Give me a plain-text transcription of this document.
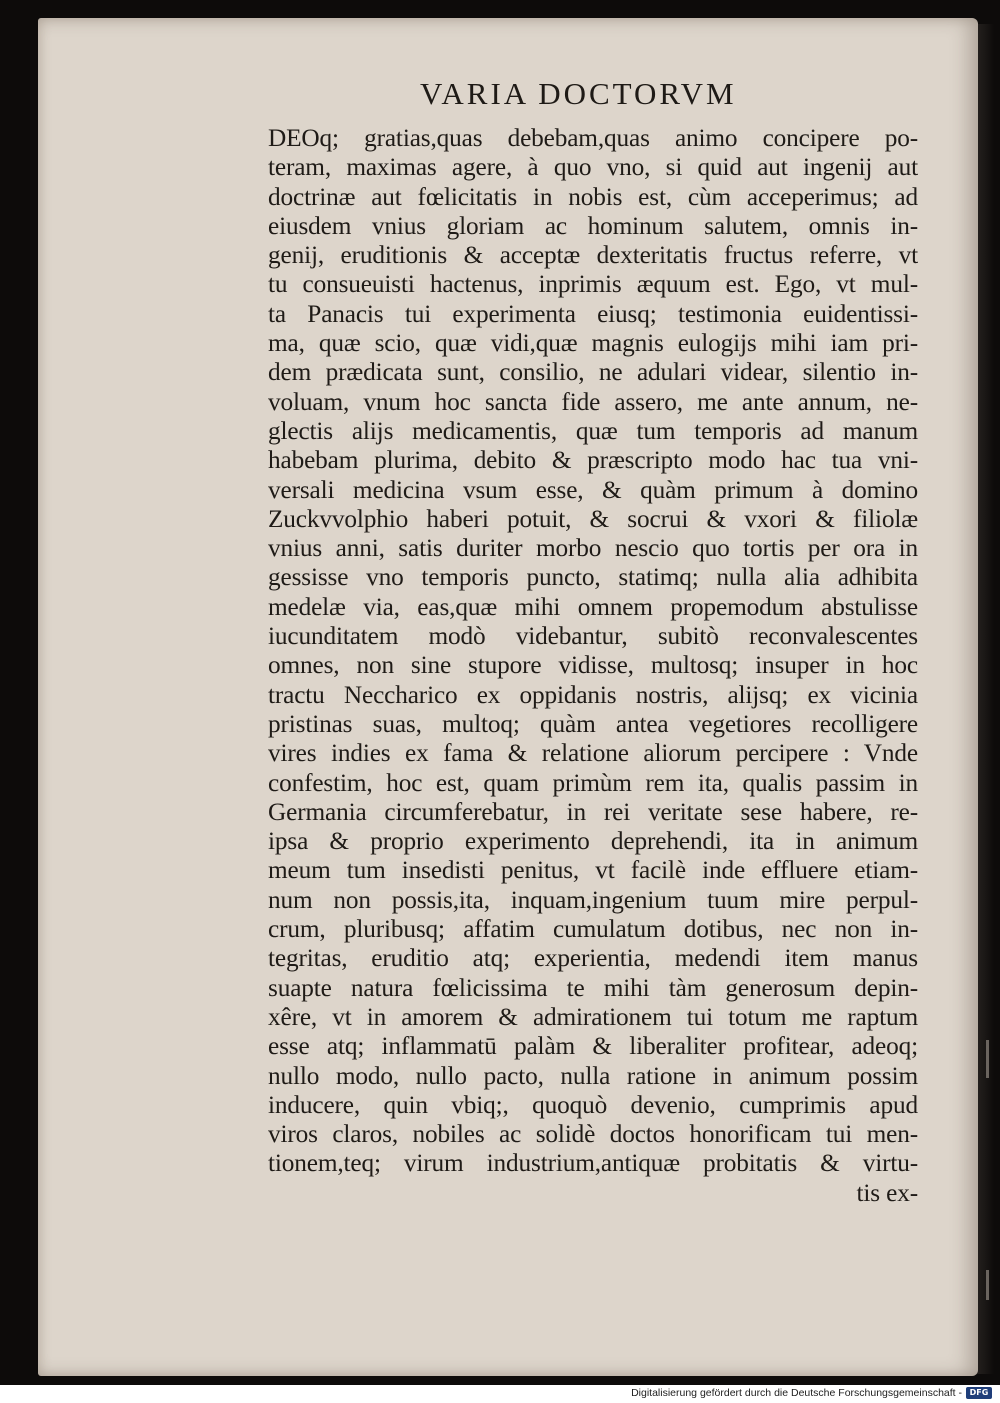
VARIA DOCTORVM
DEOq; gratias,quas debebam,quas animo concipere po-
teram, maximas agere, à quo vno, si quid aut ingenij aut
doctrinæ aut fœlicitatis in nobis est, cùm acceperimus; ad
eiusdem vnius gloriam ac hominum salutem, omnis in-
genij, eruditionis & acceptæ dexteritatis fructus referre, vt
tu consueuisti hactenus, inprimis æquum est. Ego, vt mul-
ta Panacis tui experimenta eiusq; testimonia euidentissi-
ma, quæ scio, quæ vidi,quæ magnis eulogijs mihi iam pri-
dem prædicata sunt, consilio, ne adulari videar, silentio in-
voluam, vnum hoc sancta fide assero, me ante annum, ne-
glectis alijs medicamentis, quæ tum temporis ad manum
habebam plurima, debito & præscripto modo hac tua vni-
versali medicina vsum esse, & quàm primum à domino
Zuckvvolphio haberi potuit, & socrui & vxori & filiolæ
vnius anni, satis duriter morbo nescio quo tortis per ora in
gessisse vno temporis puncto, statimq; nulla alia adhibita
medelæ via, eas,quæ mihi omnem propemodum abstulisse
iucunditatem modò videbantur, subitò reconvalescentes
omnes, non sine stupore vidisse, multosq; insuper in hoc
tractu Neccharico ex oppidanis nostris, alijsq; ex vicinia
pristinas suas, multoq; quàm antea vegetiores recolligere
vires indies ex fama & relatione aliorum percipere : Vnde
confestim, hoc est, quam primùm rem ita, qualis passim in
Germania circumferebatur, in rei veritate sese habere, re-
ipsa & proprio experimento deprehendi, ita in animum
meum tum insedisti penitus, vt facilè inde effluere etiam-
num non possis,ita, inquam,ingenium tuum mire perpul-
crum, pluribusq; affatim cumulatum dotibus, nec non in-
tegritas, eruditio atq; experientia, medendi item manus
suapte natura fœlicissima te mihi tàm generosum depin-
xêre, vt in amorem & admirationem tui totum me raptum
esse atq; inflammatū palàm & liberaliter profitear, adeoq;
nullo modo, nullo pacto, nulla ratione in animum possim
inducere, quin vbiq;, quoquò devenio, cumprimis apud
viros claros, nobiles ac solidè doctos honorificam tui men-
tionem,teq; virum industrium,antiquæ probitatis & virtu-
tis ex-
Digitalisierung gefördert durch die Deutsche Forschungsgemeinschaft - DFG
